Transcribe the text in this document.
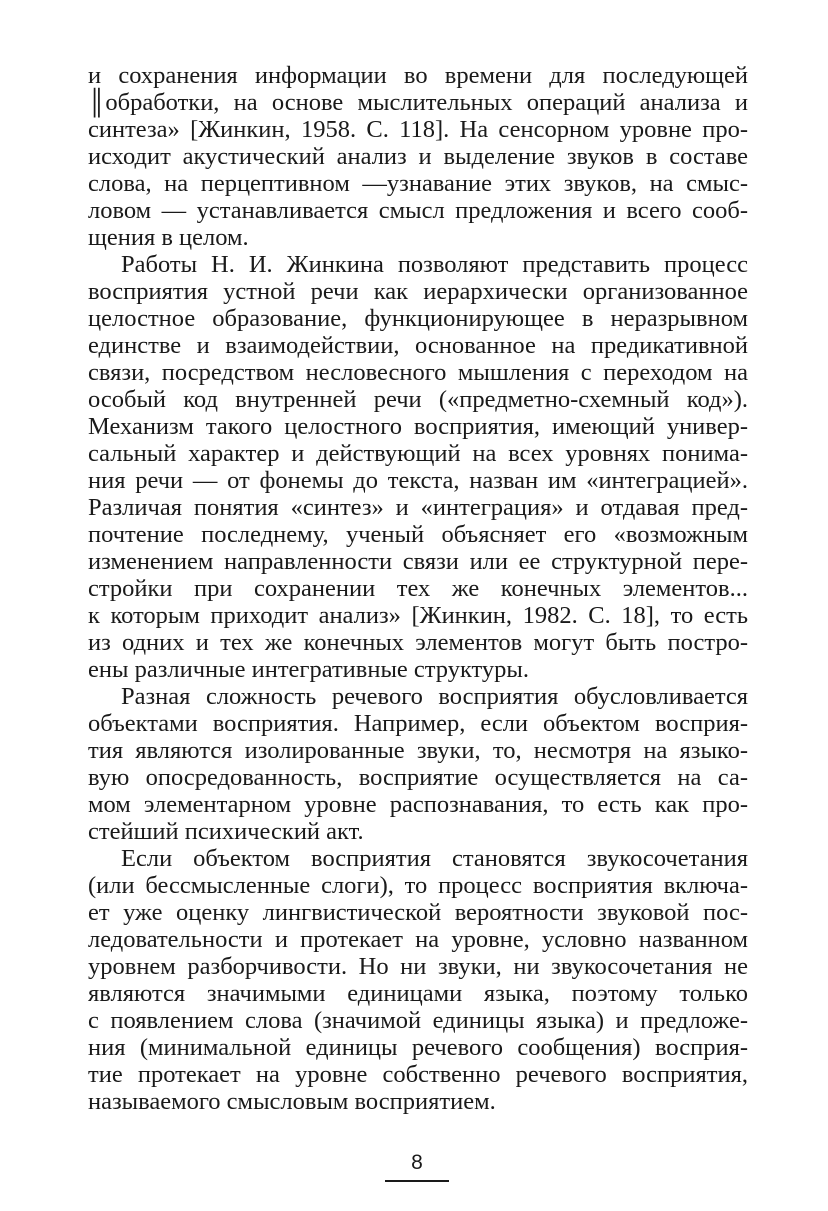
и сохранения информации во времени для последующей
║обработки, на основе мыслительных операций анализа и
синтеза» [Жинкин, 1958. С. 118]. На сенсорном уровне про-
исходит акустический анализ и выделение звуков в составе
слова, на перцептивном —узнавание этих звуков, на смыс-
ловом — устанавливается смысл предложения и всего сооб-
щения в целом.
Работы Н. И. Жинкина позволяют представить процесс
восприятия устной речи как иерархически организованное
целостное образование, функционирующее в неразрывном
единстве и взаимодействии, основанное на предикативной
связи, посредством несловесного мышления с переходом на
особый код внутренней речи («предметно-схемный код»).
Механизм такого целостного восприятия, имеющий универ-
сальный характер и действующий на всех уровнях понима-
ния речи — от фонемы до текста, назван им «интеграцией».
Различая понятия «синтез» и «интеграция» и отдавая пред-
почтение последнему, ученый объясняет его «возможным
изменением направленности связи или ее структурной пере-
стройки при сохранении тех же конечных элементов...
к которым приходит анализ» [Жинкин, 1982. С. 18], то есть
из одних и тех же конечных элементов могут быть постро-
ены различные интегративные структуры.
Разная сложность речевого восприятия обусловливается
объектами восприятия. Например, если объектом восприя-
тия являются изолированные звуки, то, несмотря на языко-
вую опосредованность, восприятие осуществляется на са-
мом элементарном уровне распознавания, то есть как про-
стейший психический акт.
Если объектом восприятия становятся звукосочетания
(или бессмысленные слоги), то процесс восприятия включа-
ет уже оценку лингвистической вероятности звуковой пос-
ледовательности и протекает на уровне, условно названном
уровнем разборчивости. Но ни звуки, ни звукосочетания не
являются значимыми единицами языка, поэтому только
с появлением слова (значимой единицы языка) и предложе-
ния (минимальной единицы речевого сообщения) восприя-
тие протекает на уровне собственно речевого восприятия,
называемого смысловым восприятием.
8
